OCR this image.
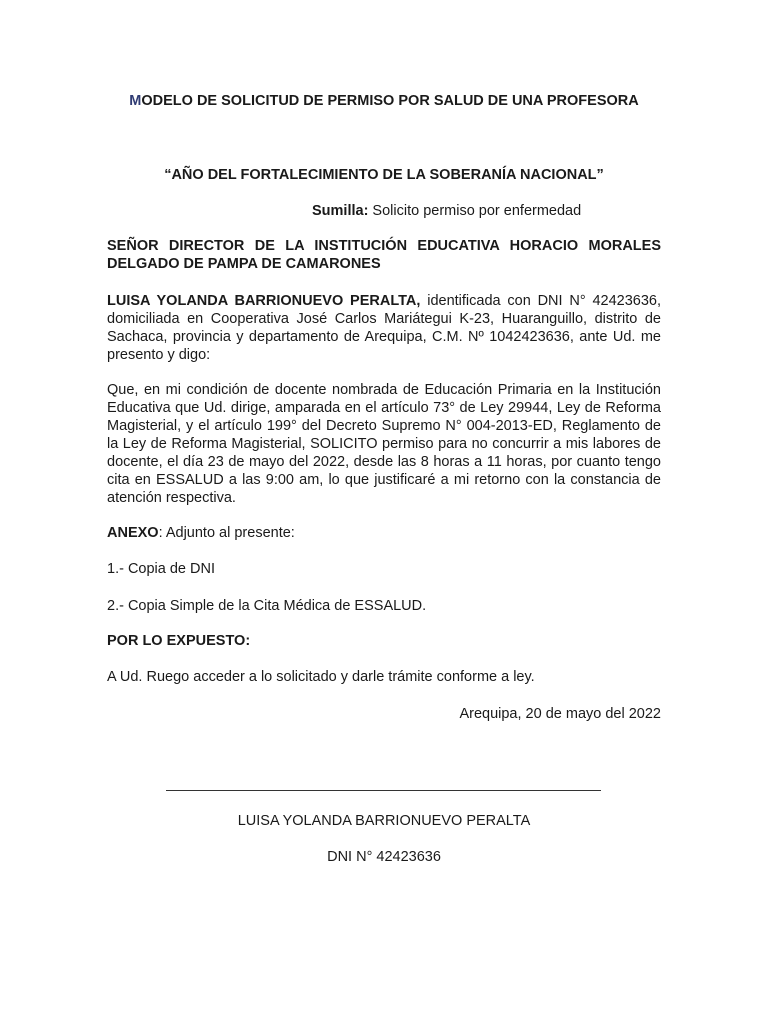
MODELO DE SOLICITUD DE PERMISO POR SALUD DE UNA PROFESORA
“AÑO DEL FORTALECIMIENTO DE LA SOBERANÍA NACIONAL”
Sumilla: Solicito permiso por enfermedad
SEÑOR DIRECTOR DE LA INSTITUCIÓN EDUCATIVA HORACIO MORALES DELGADO DE PAMPA DE CAMARONES
LUISA YOLANDA BARRIONUEVO PERALTA, identificada con DNI N° 42423636, domiciliada en Cooperativa José Carlos Mariátegui K-23, Huaranguillo, distrito de Sachaca, provincia y departamento de Arequipa, C.M. Nº 1042423636, ante Ud. me presento y digo:
Que, en mi condición de docente nombrada de Educación Primaria en la Institución Educativa que Ud. dirige, amparada en el artículo 73° de Ley 29944, Ley de Reforma Magisterial, y el artículo 199° del Decreto Supremo N° 004-2013-ED, Reglamento de la Ley de Reforma Magisterial, SOLICITO permiso para no concurrir a mis labores de docente, el día 23 de mayo del 2022, desde las 8 horas a 11 horas, por cuanto tengo cita en ESSALUD a las 9:00 am, lo que justificaré a mi retorno con la constancia de atención respectiva.
ANEXO: Adjunto al presente:
1.- Copia de DNI
2.- Copia Simple de la Cita Médica de ESSALUD.
POR LO EXPUESTO:
A Ud. Ruego acceder a lo solicitado y darle trámite conforme a ley.
Arequipa, 20 de mayo del 2022
LUISA YOLANDA BARRIONUEVO PERALTA
DNI N° 42423636
